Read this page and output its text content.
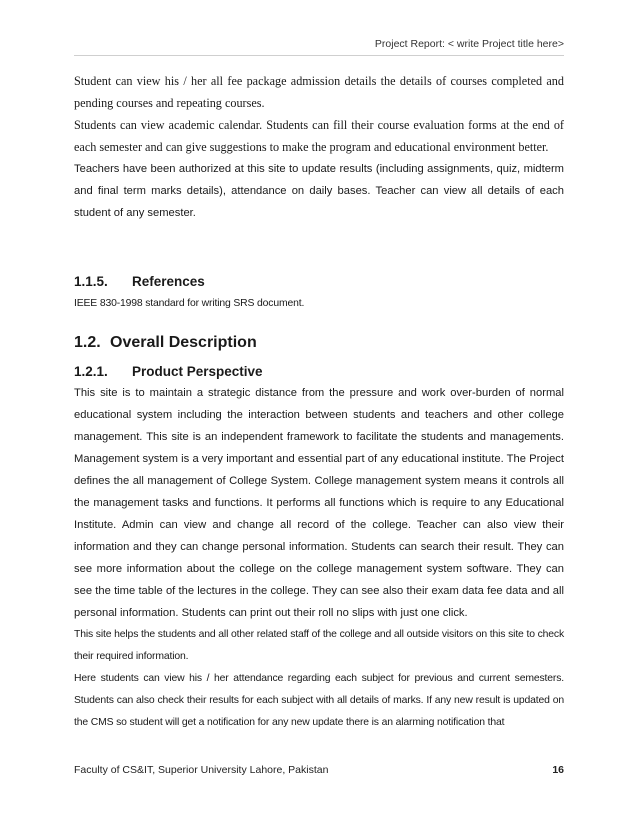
Project Report: < write Project title here>

Student can view his / her all fee package admission details the details of courses completed and pending courses and repeating courses.

Students can view academic calendar. Students can fill their course evaluation forms at the end of each semester and can give suggestions to make the program and educational environment better.

Teachers have been authorized at this site to update results (including assignments, quiz, midterm and final term marks details), attendance on daily bases. Teacher can view all details of each student of any semester.

1.1.5.	References

IEEE 830-1998 standard for writing SRS document.

1.2. Overall Description
1.2.1.	Product Perspective

This site is to maintain a strategic distance from the pressure and work over-burden of normal educational system including the interaction between students and teachers and other college management. This site is an independent framework to facilitate the students and managements. Management system is a very important and essential part of any educational institute. The Project defines the all management of College System. College management system means it controls all the management tasks and functions. It performs all functions which is require to any Educational Institute. Admin can view and change all record of the college. Teacher can also view their information and they can change personal information. Students can search their result. They can see more information about the college on the college management system software. They can see the time table of the lectures in the college. They can see also their exam data fee data and all personal information. Students can print out their roll no slips with just one click.

This site helps the students and all other related staff of the college and all outside visitors on this site to check their required information.

Here students can view his / her attendance regarding each subject for previous and current semesters. Students can also check their results for each subject with all details of marks. If any new result is updated on the CMS so student will get a notification for any new update there is an alarming notification that

Faculty of CS&IT, Superior University Lahore, Pakistan	16
